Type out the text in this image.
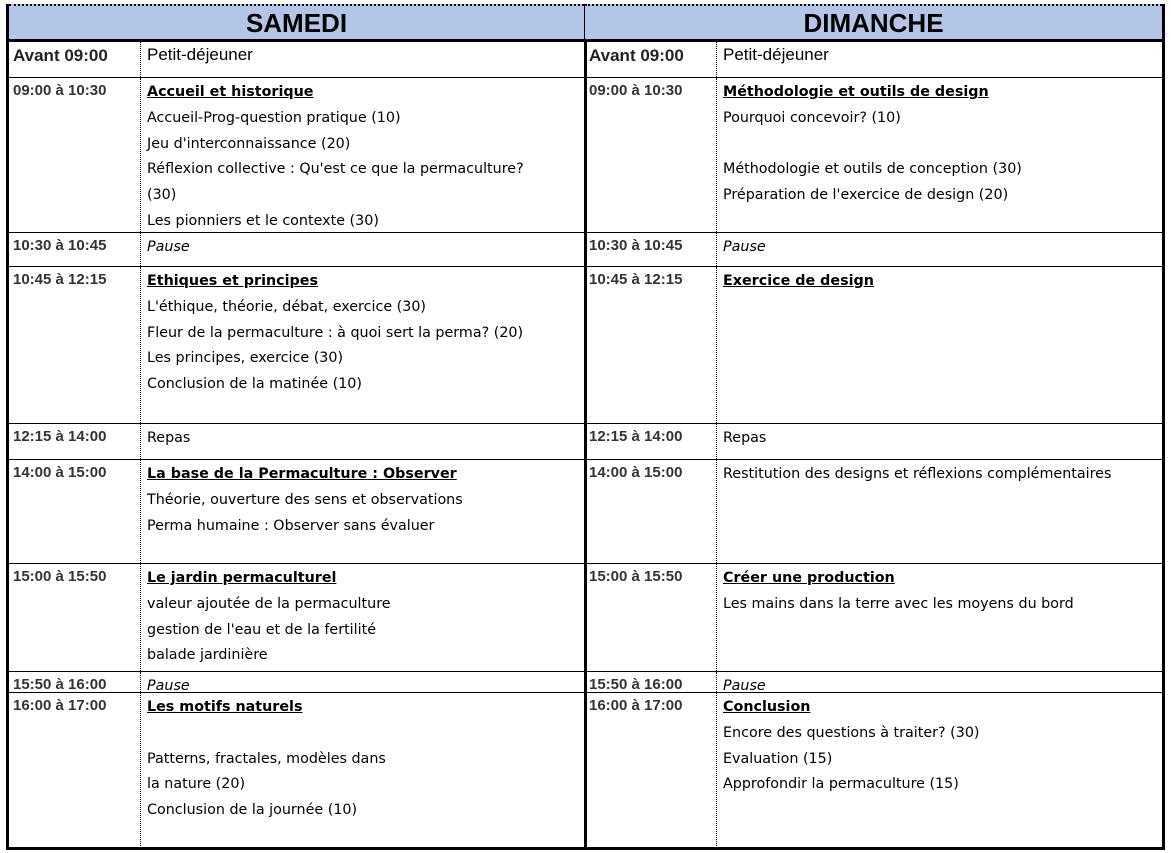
SAMEDI
Avant 09:00	Petit-déjeuner
09:00 à 10:30	Accueil et historique
Accueil-Prog-question pratique (10)
Jeu d'interconnaissance (20)
Réflexion collective : Qu'est ce que la permaculture?
(30)
Les pionniers et le contexte (30)
10:30 à 10:45	Pause
10:45 à 12:15	Ethiques et principes
L'éthique, théorie, débat, exercice (30)
Fleur de la permaculture : à quoi sert la perma? (20)
Les principes, exercice (30)
Conclusion de la matinée (10)
12:15 à 14:00	Repas
14:00 à 15:00	La base de la Permaculture : Observer
Théorie, ouverture des sens et observations
Perma humaine : Observer sans évaluer
15:00 à 15:50	Le jardin permaculturel
valeur ajoutée de la permaculture
gestion de l'eau et de la fertilité
balade jardinière
15:50 à 16:00	Pause
16:00 à 17:00	Les motifs naturels
Patterns, fractales, modèles dans
la nature (20)
Conclusion de la journée (10)
DIMANCHE
Avant 09:00	Petit-déjeuner
09:00 à 10:30	Méthodologie et outils de design
Pourquoi concevoir? (10)
Méthodologie et outils de conception (30)
Préparation de l'exercice de design (20)
10:30 à 10:45	Pause
10:45 à 12:15	Exercice de design
12:15 à 14:00	Repas
14:00 à 15:00	Restitution des designs et réflexions complémentaires
15:00 à 15:50	Créer une production
Les mains dans la terre avec les moyens du bord
15:50 à 16:00	Pause
16:00 à 17:00	Conclusion
Encore des questions à traiter? (30)
Evaluation (15)
Approfondir la permaculture (15)
